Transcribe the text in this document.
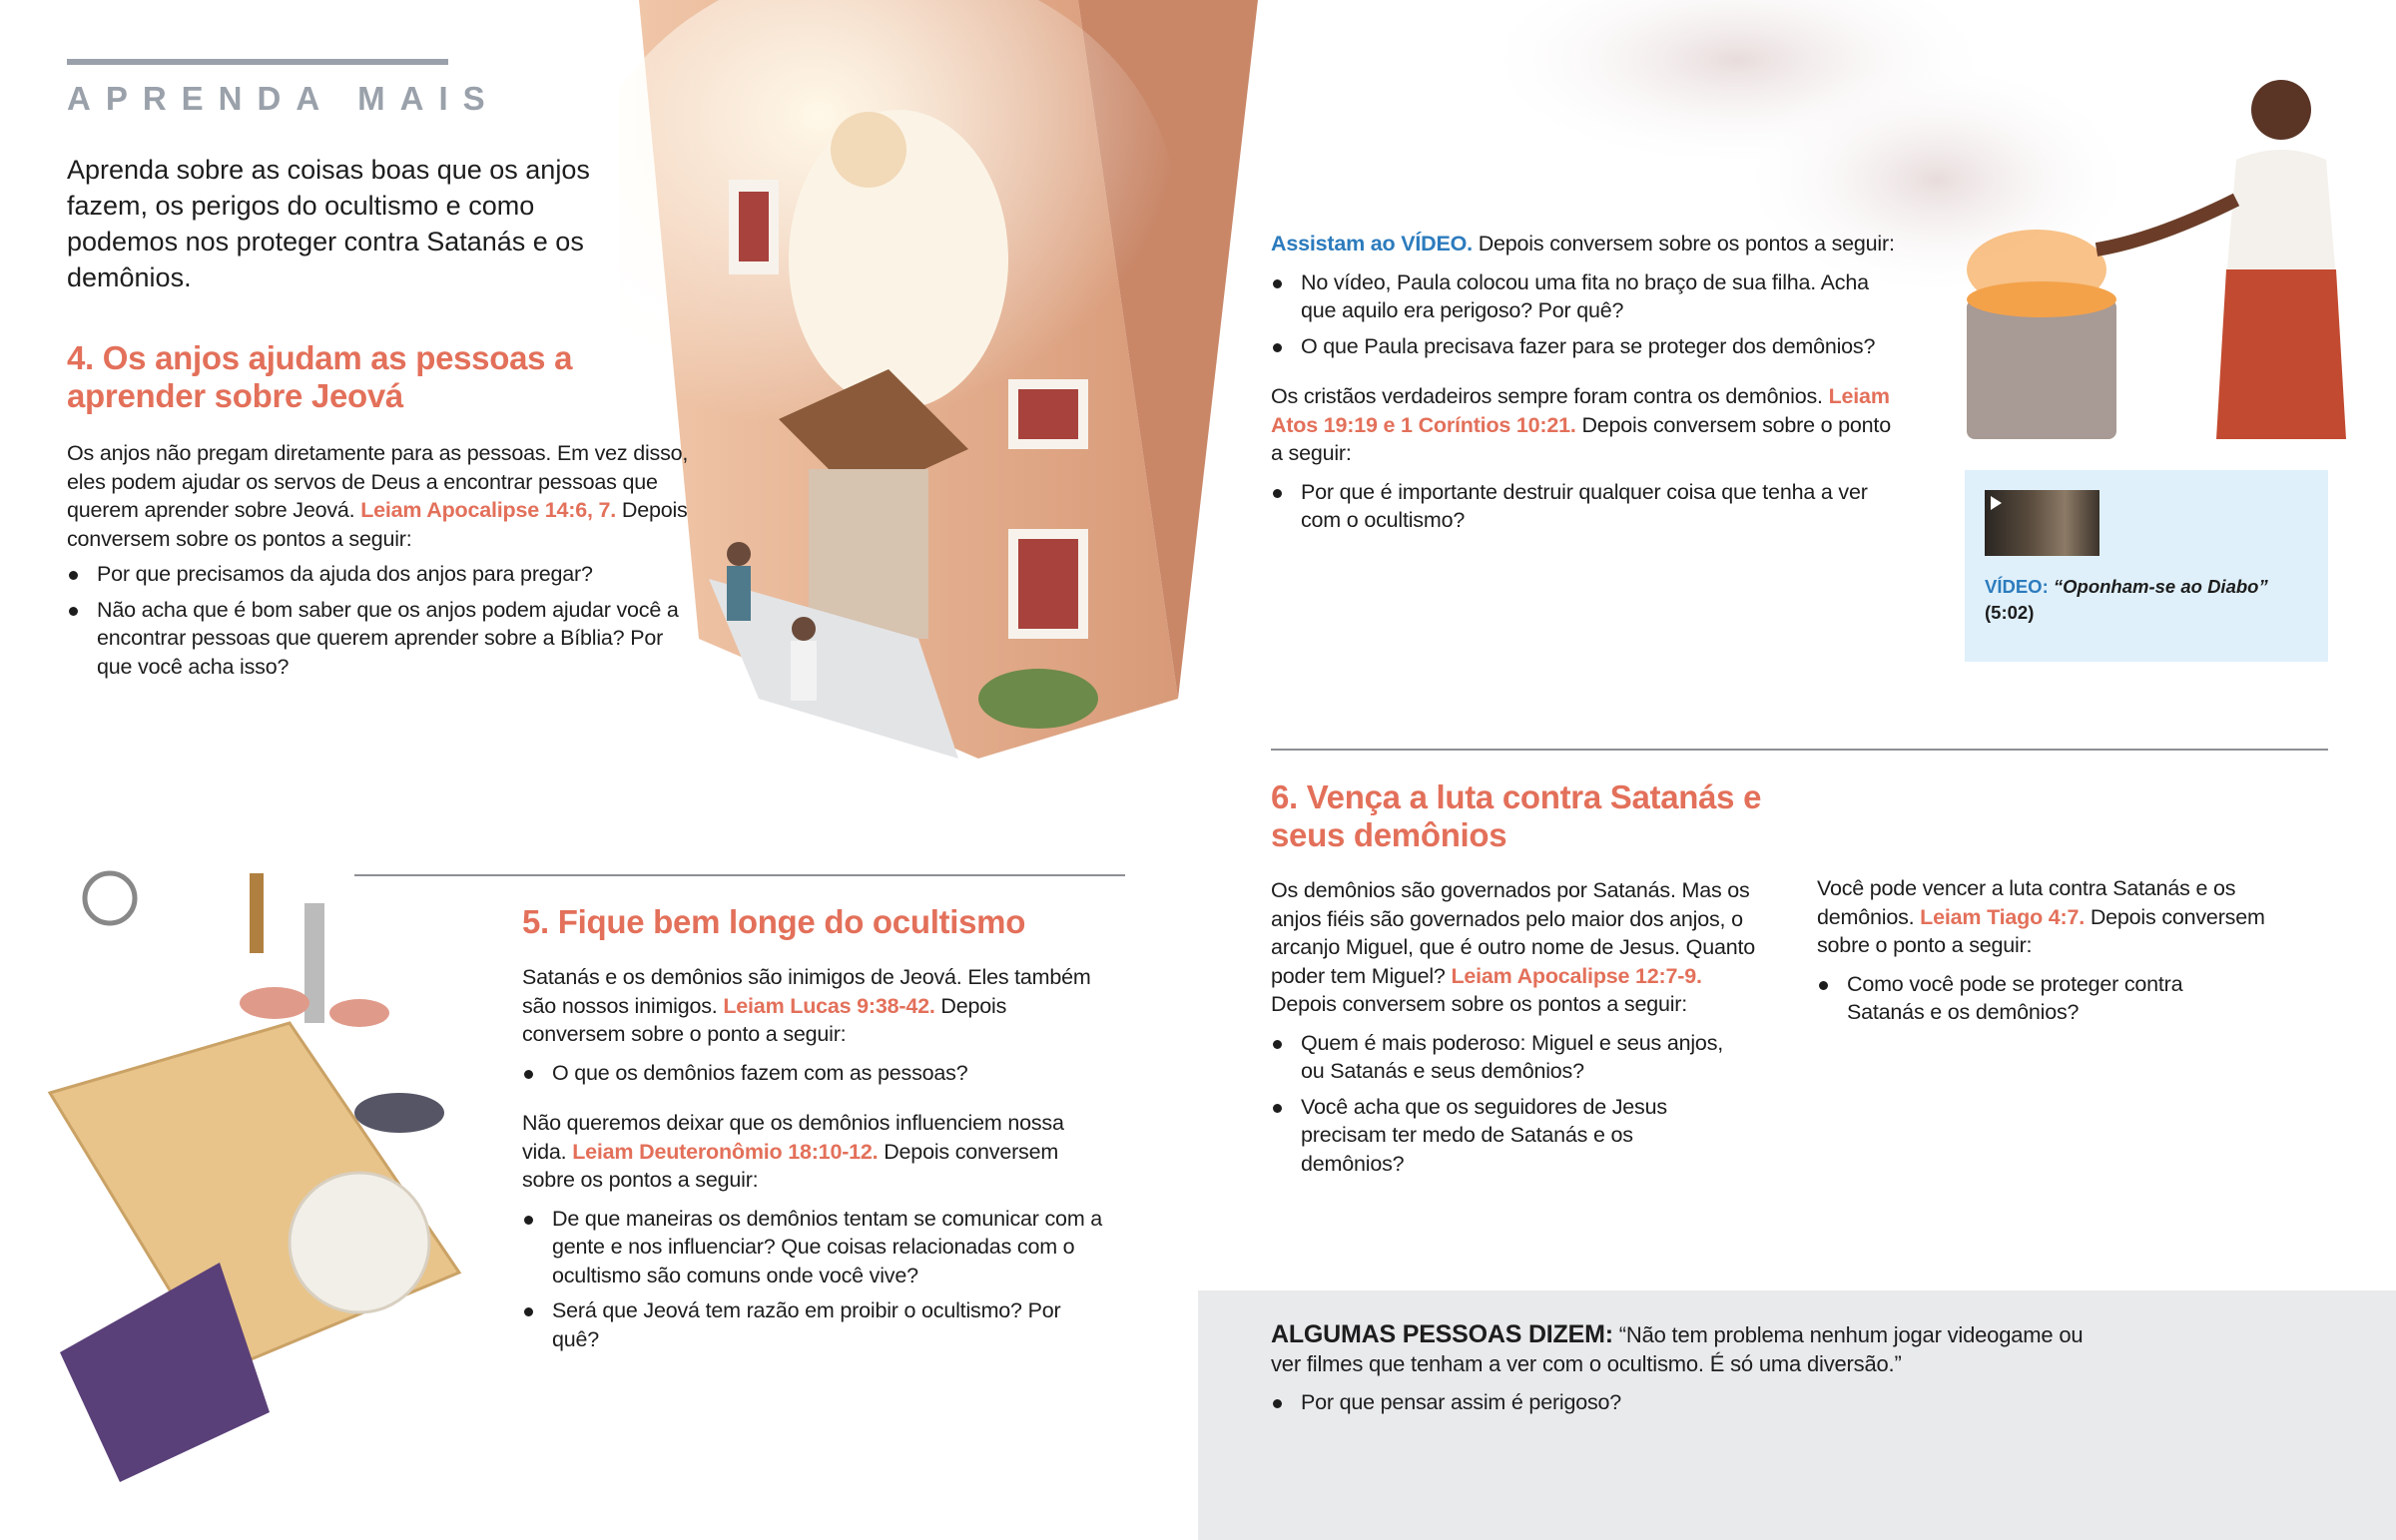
APRENDA MAIS
Aprenda sobre as coisas boas que os anjos fazem, os perigos do ocultismo e como podemos nos proteger contra Satanás e os demônios.
4. Os anjos ajudam as pessoas a aprender sobre Jeová

Os anjos não pregam diretamente para as pessoas. Em vez disso, eles podem ajudar os servos de Deus a encontrar pessoas que querem aprender sobre Jeová. Leiam Apocalipse 14:6, 7. Depois conversem sobre os pontos a seguir:

Por que precisamos da ajuda dos anjos para pregar?
Não acha que é bom saber que os anjos podem ajudar você a encontrar pessoas que querem aprender sobre a Bíblia? Por que você acha isso?
5. Fique bem longe do ocultismo

Satanás e os demônios são inimigos de Jeová. Eles também são nossos inimigos. Leiam Lucas 9:38-42. Depois conversem sobre o ponto a seguir:

O que os demônios fazem com as pessoas?

Não queremos deixar que os demônios influenciem nossa vida. Leiam Deuteronômio 18:10-12. Depois conversem sobre os pontos a seguir:

De que maneiras os demônios tentam se comunicar com a gente e nos influenciar? Que coisas relacionadas com o ocultismo são comuns onde você vive?
Será que Jeová tem razão em proibir o ocultismo? Por quê?

Assistam ao VÍDEO. Depois conversem sobre os pontos a seguir:

No vídeo, Paula colocou uma fita no braço de sua filha. Acha que aquilo era perigoso? Por quê?
O que Paula precisava fazer para se proteger dos demônios?

Os cristãos verdadeiros sempre foram contra os demônios. Leiam Atos 19:19 e 1 Coríntios 10:21. Depois conversem sobre o ponto a seguir:

Por que é importante destruir qualquer coisa que tenha a ver com o ocultismo?
VÍDEO: “Oponham-se ao Diabo”
(5:02)
6. Vença a luta contra Satanás e seus demônios

Os demônios são governados por Satanás. Mas os anjos fiéis são governados pelo maior dos anjos, o arcanjo Miguel, que é outro nome de Jesus. Quanto poder tem Miguel? Leiam Apocalipse 12:7-9. Depois conversem sobre os pontos a seguir:

Quem é mais poderoso: Miguel e seus anjos, ou Satanás e seus demônios?
Você acha que os seguidores de Jesus precisam ter medo de Satanás e os demônios?

Você pode vencer a luta contra Satanás e os demônios. Leiam Tiago 4:7. Depois conversem sobre o ponto a seguir:

Como você pode se proteger contra Satanás e os demônios?

ALGUMAS PESSOAS DIZEM: “Não tem problema nenhum jogar videogame ou ver filmes que tenham a ver com o ocultismo. É só uma diversão.”

Por que pensar assim é perigoso?
